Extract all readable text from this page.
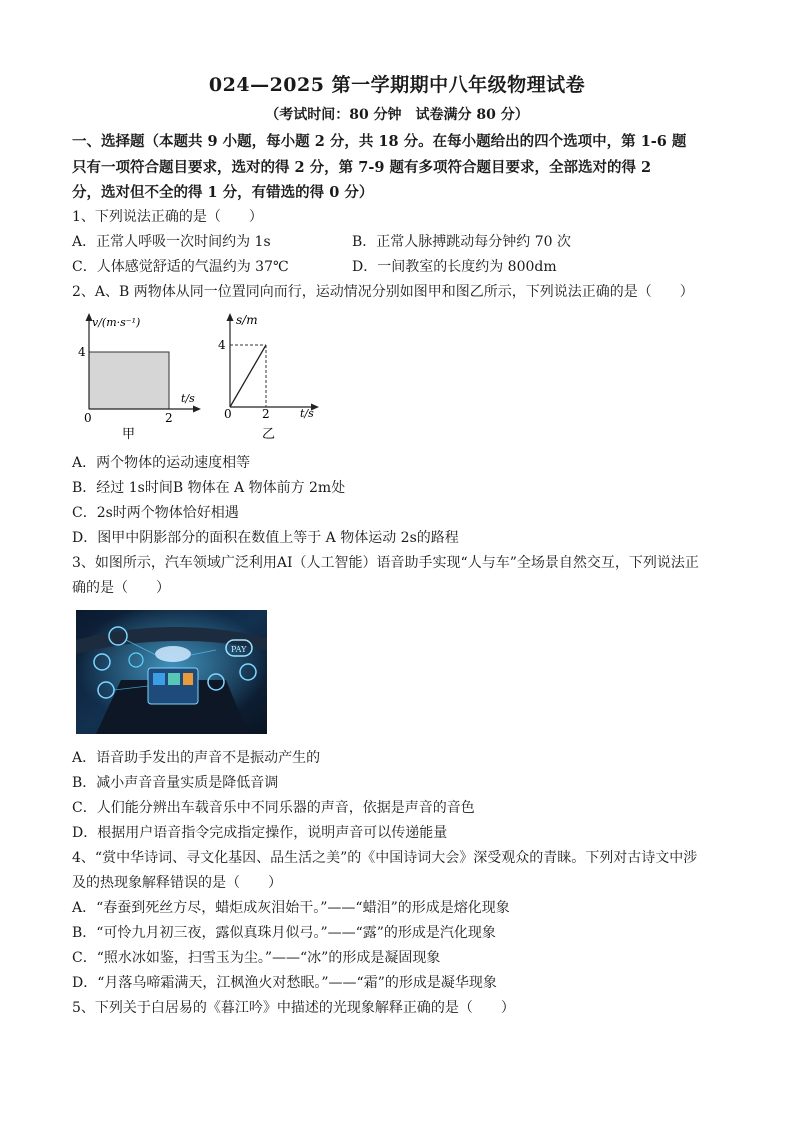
024—2025 第一学期期中八年级物理试卷
（考试时间：80 分钟　试卷满分 80 分）
一、选择题（本题共 9 小题，每小题 2 分，共 18 分。在每小题给出的四个选项中，第 1-6 题
只有一项符合题目要求，选对的得 2 分，第 7-9 题有多项符合题目要求，全部选对的得 2
分，选对但不全的得 1 分，有错选的得 0 分）
1、下列说法正确的是（　　）
A．正常人呼吸一次时间约为 1s	B．正常人脉搏跳动每分钟约 70 次
C．人体感觉舒适的气温约为 37℃	D．一间教室的长度约为 800dm
2、A、B 两物体从同一位置同向而行，运动情况分别如图甲和图乙所示，下列说法正确的是（　　）
v/(m·s⁻¹)
4
t/s
0	2
甲
s/m
4
t/s
0	2
乙
A．两个物体的运动速度相等
B．经过 1s时间B 物体在 A 物体前方 2m处
C．2s时两个物体恰好相遇
D．图甲中阴影部分的面积在数值上等于 A 物体运动 2s的路程
3、如图所示，汽车领域广泛利用AI（人工智能）语音助手实现“人与车”全场景自然交互，下列说法正
确的是（　　）
PAY
A．语音助手发出的声音不是振动产生的
B．减小声音音量实质是降低音调
C．人们能分辨出车载音乐中不同乐器的声音，依据是声音的音色
D．根据用户语音指令完成指定操作，说明声音可以传递能量
4、“赏中华诗词、寻文化基因、品生活之美”的《中国诗词大会》深受观众的青睐。下列对古诗文中涉
及的热现象解释错误的是（　　）
A．“春蚕到死丝方尽，蜡炬成灰泪始干。”——“蜡泪”的形成是熔化现象
B．“可怜九月初三夜，露似真珠月似弓。”——“露”的形成是汽化现象
C．“照水冰如鉴，扫雪玉为尘。”——“冰”的形成是凝固现象
D．“月落乌啼霜满天，江枫渔火对愁眠。”——“霜”的形成是凝华现象
5、下列关于白居易的《暮江吟》中描述的光现象解释正确的是（　　）
